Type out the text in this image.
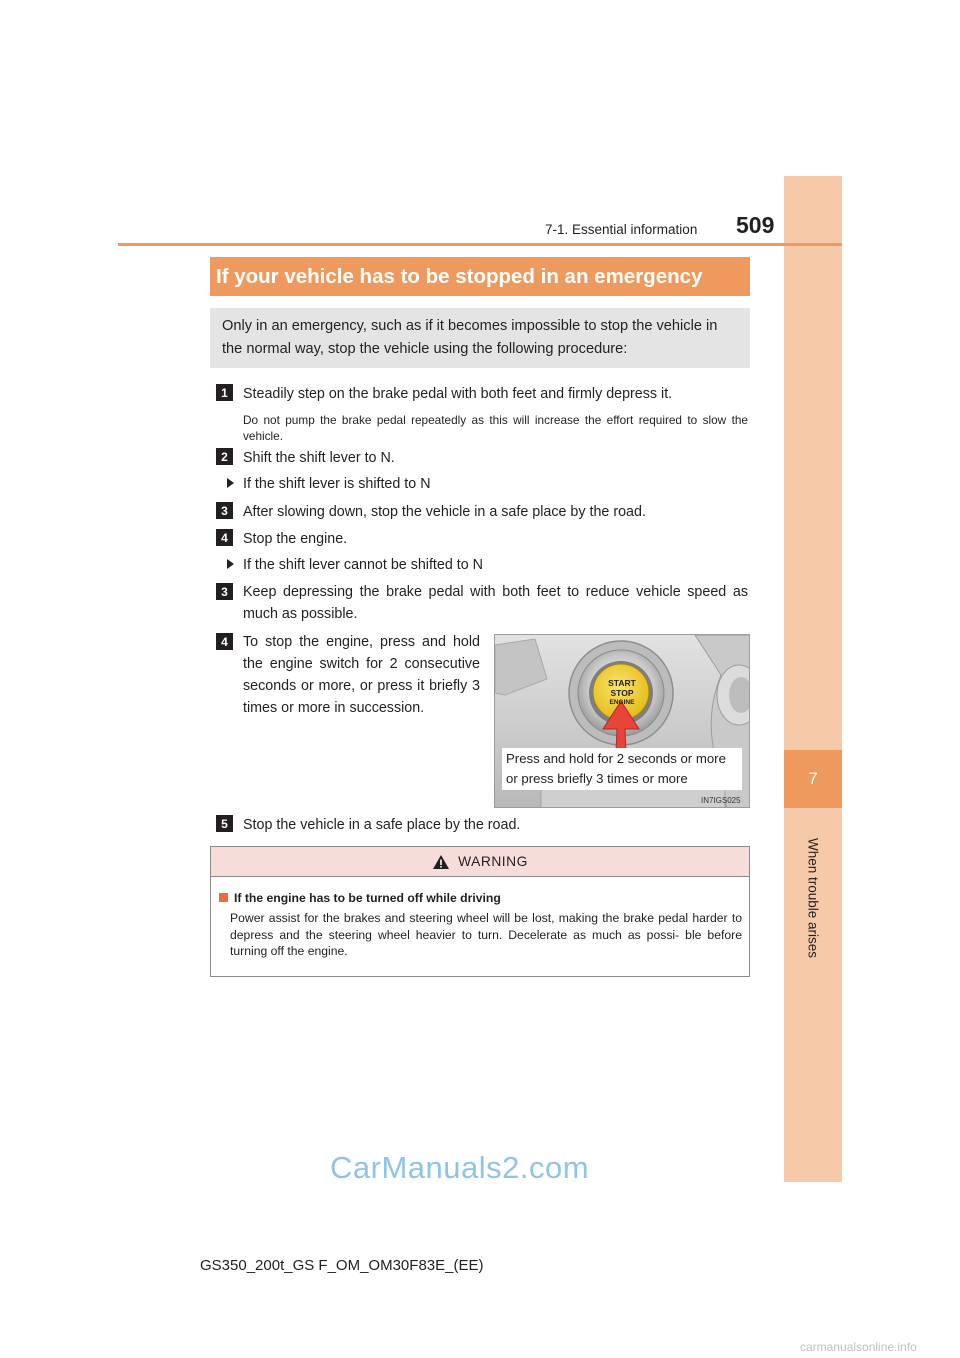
7
When trouble arises
7-1. Essential information 509
If your vehicle has to be stopped in an emergency
Only in an emergency, such as if it becomes impossible to stop the vehicle in the normal way, stop the vehicle using the following procedure:
1	Steadily step on the brake pedal with both feet and firmly depress it.
Do not pump the brake pedal repeatedly as this will increase the effort required to slow the vehicle.
2	Shift the shift lever to N.
If the shift lever is shifted to N
3	After slowing down, stop the vehicle in a safe place by the road.
4	Stop the engine.
If the shift lever cannot be shifted to N
3	Keep depressing the brake pedal with both feet to reduce vehicle speed as much as possible.
4	To stop the engine, press and hold the engine switch for 2 consecutive seconds or more, or press it briefly 3 times or more in succession.
START
STOP
ENGINE
Press and hold for 2 seconds or more
or press briefly 3 times or more
IN7IGS025
5	Stop the vehicle in a safe place by the road.
WARNING
If the engine has to be turned off while driving
Power assist for the brakes and steering wheel will be lost, making the brake pedal harder to depress and the steering wheel heavier to turn. Decelerate as much as possi- ble before turning off the engine.
CarManuals2.com
GS350_200t_GS F_OM_OM30F83E_(EE)
carmanualsonline.info
